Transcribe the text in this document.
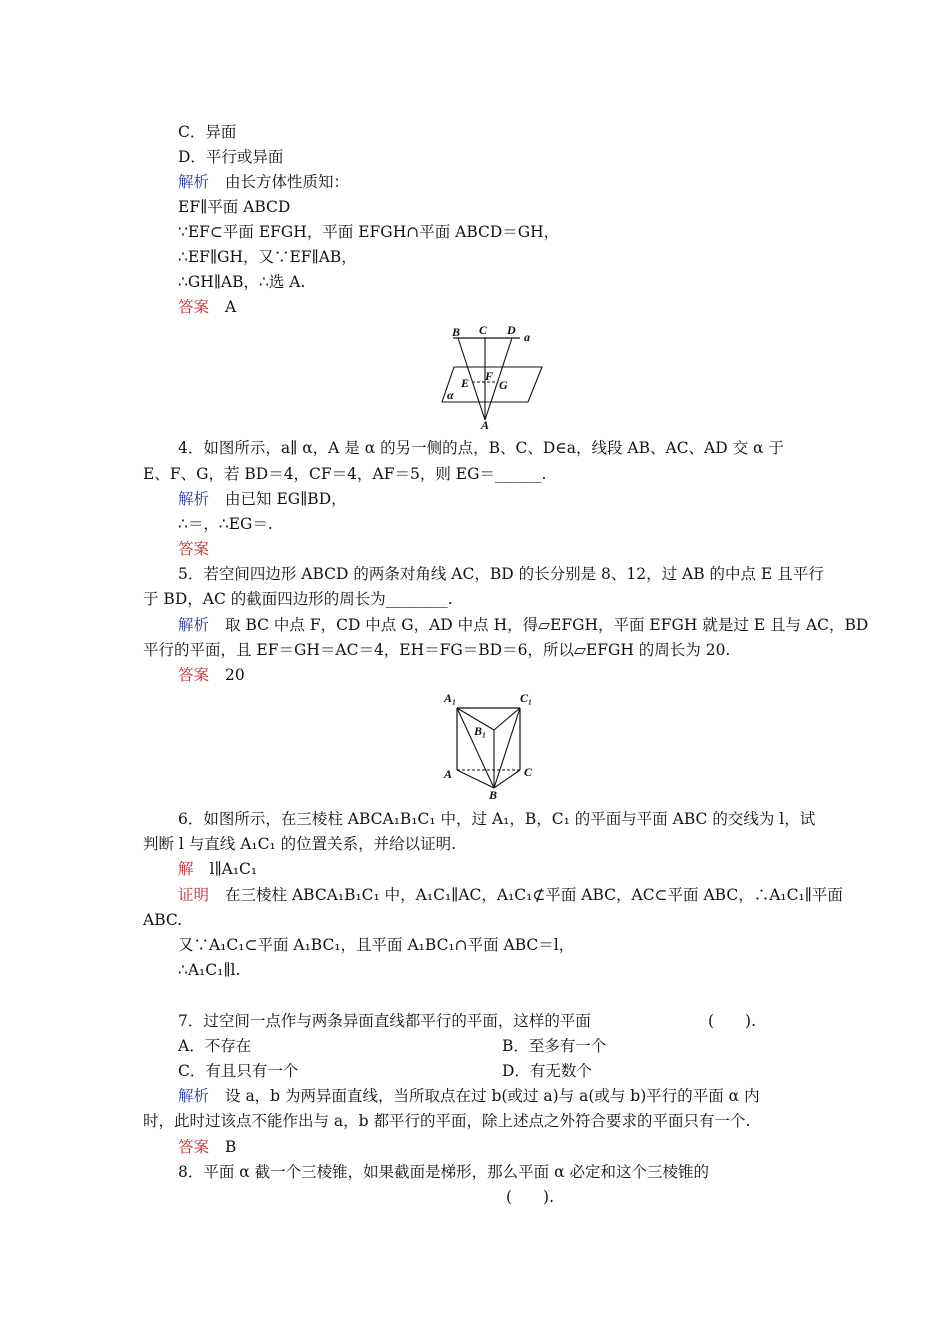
C．异面
D．平行或异面
解析 由长方体性质知：
EF∥平面 ABCD
∵EF⊂平面 EFGH，平面 EFGH∩平面 ABCD＝GH，
∴EF∥GH，又∵EF∥AB，
∴GH∥AB，∴选 A.
答案 A
B C D a
E F
G
α
A
4．如图所示，a∥ α，A 是 α 的另一侧的点，B、C、D∈a，线段 AB、AC、AD 交 α 于
E、F、G，若 BD＝4，CF＝4，AF＝5，则 EG＝______.
解析 由已知 EG∥BD，
∴＝，∴EG＝.
答案
5．若空间四边形 ABCD 的两条对角线 AC，BD 的长分别是 8、12，过 AB 的中点 E 且平行
于 BD，AC 的截面四边形的周长为________.
解析 取 BC 中点 F，CD 中点 G，AD 中点 H，得▱EFGH，平面 EFGH 就是过 E 且与 AC，BD
平行的平面，且 EF＝GH＝AC＝4，EH＝FG＝BD＝6，所以▱EFGH 的周长为 20.
答案 20
A₁	C₁
B₁
A	C
B
6．如图所示，在三棱柱 ABCA₁B₁C₁ 中，过 A₁，B，C₁ 的平面与平面 ABC 的交线为 l，试
判断 l 与直线 A₁C₁ 的位置关系，并给以证明.
解 l∥A₁C₁
证明 在三棱柱 ABCA₁B₁C₁ 中，A₁C₁∥AC，A₁C₁⊄平面 ABC，AC⊂平面 ABC，∴A₁C₁∥平面
ABC.
又∵A₁C₁⊂平面 A₁BC₁，且平面 A₁BC₁∩平面 ABC＝l，
∴A₁C₁∥l.
7．过空间一点作与两条异面直线都平行的平面，这样的平面	(　　).
A．不存在	B．至多有一个
C．有且只有一个	D．有无数个
解析 设 a，b 为两异面直线，当所取点在过 b(或过 a)与 a(或与 b)平行的平面 α 内
时，此时过该点不能作出与 a，b 都平行的平面，除上述点之外符合要求的平面只有一个.
答案 B
8．平面 α 截一个三棱锥，如果截面是梯形，那么平面 α 必定和这个三棱锥的
(　　).
